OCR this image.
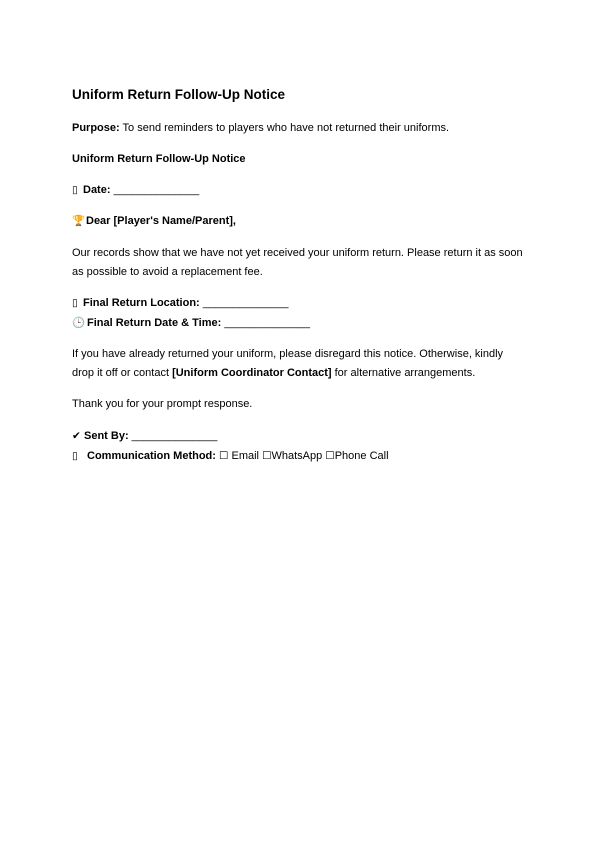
Uniform Return Follow-Up Notice
Purpose: To send reminders to players who have not returned their uniforms.
Uniform Return Follow-Up Notice
▯ Date: ______________
🏆Dear [Player's Name/Parent],
Our records show that we have not yet received your uniform return. Please return it as soon
as possible to avoid a replacement fee.
▯ Final Return Location: ______________
🕒 Final Return Date & Time: ______________
If you have already returned your uniform, please disregard this notice. Otherwise, kindly
drop it off or contact [Uniform Coordinator Contact] for alternative arrangements.
Thank you for your prompt response.
✔ Sent By: ______________
▯ Communication Method: ☐ Email ☐WhatsApp ☐Phone Call
